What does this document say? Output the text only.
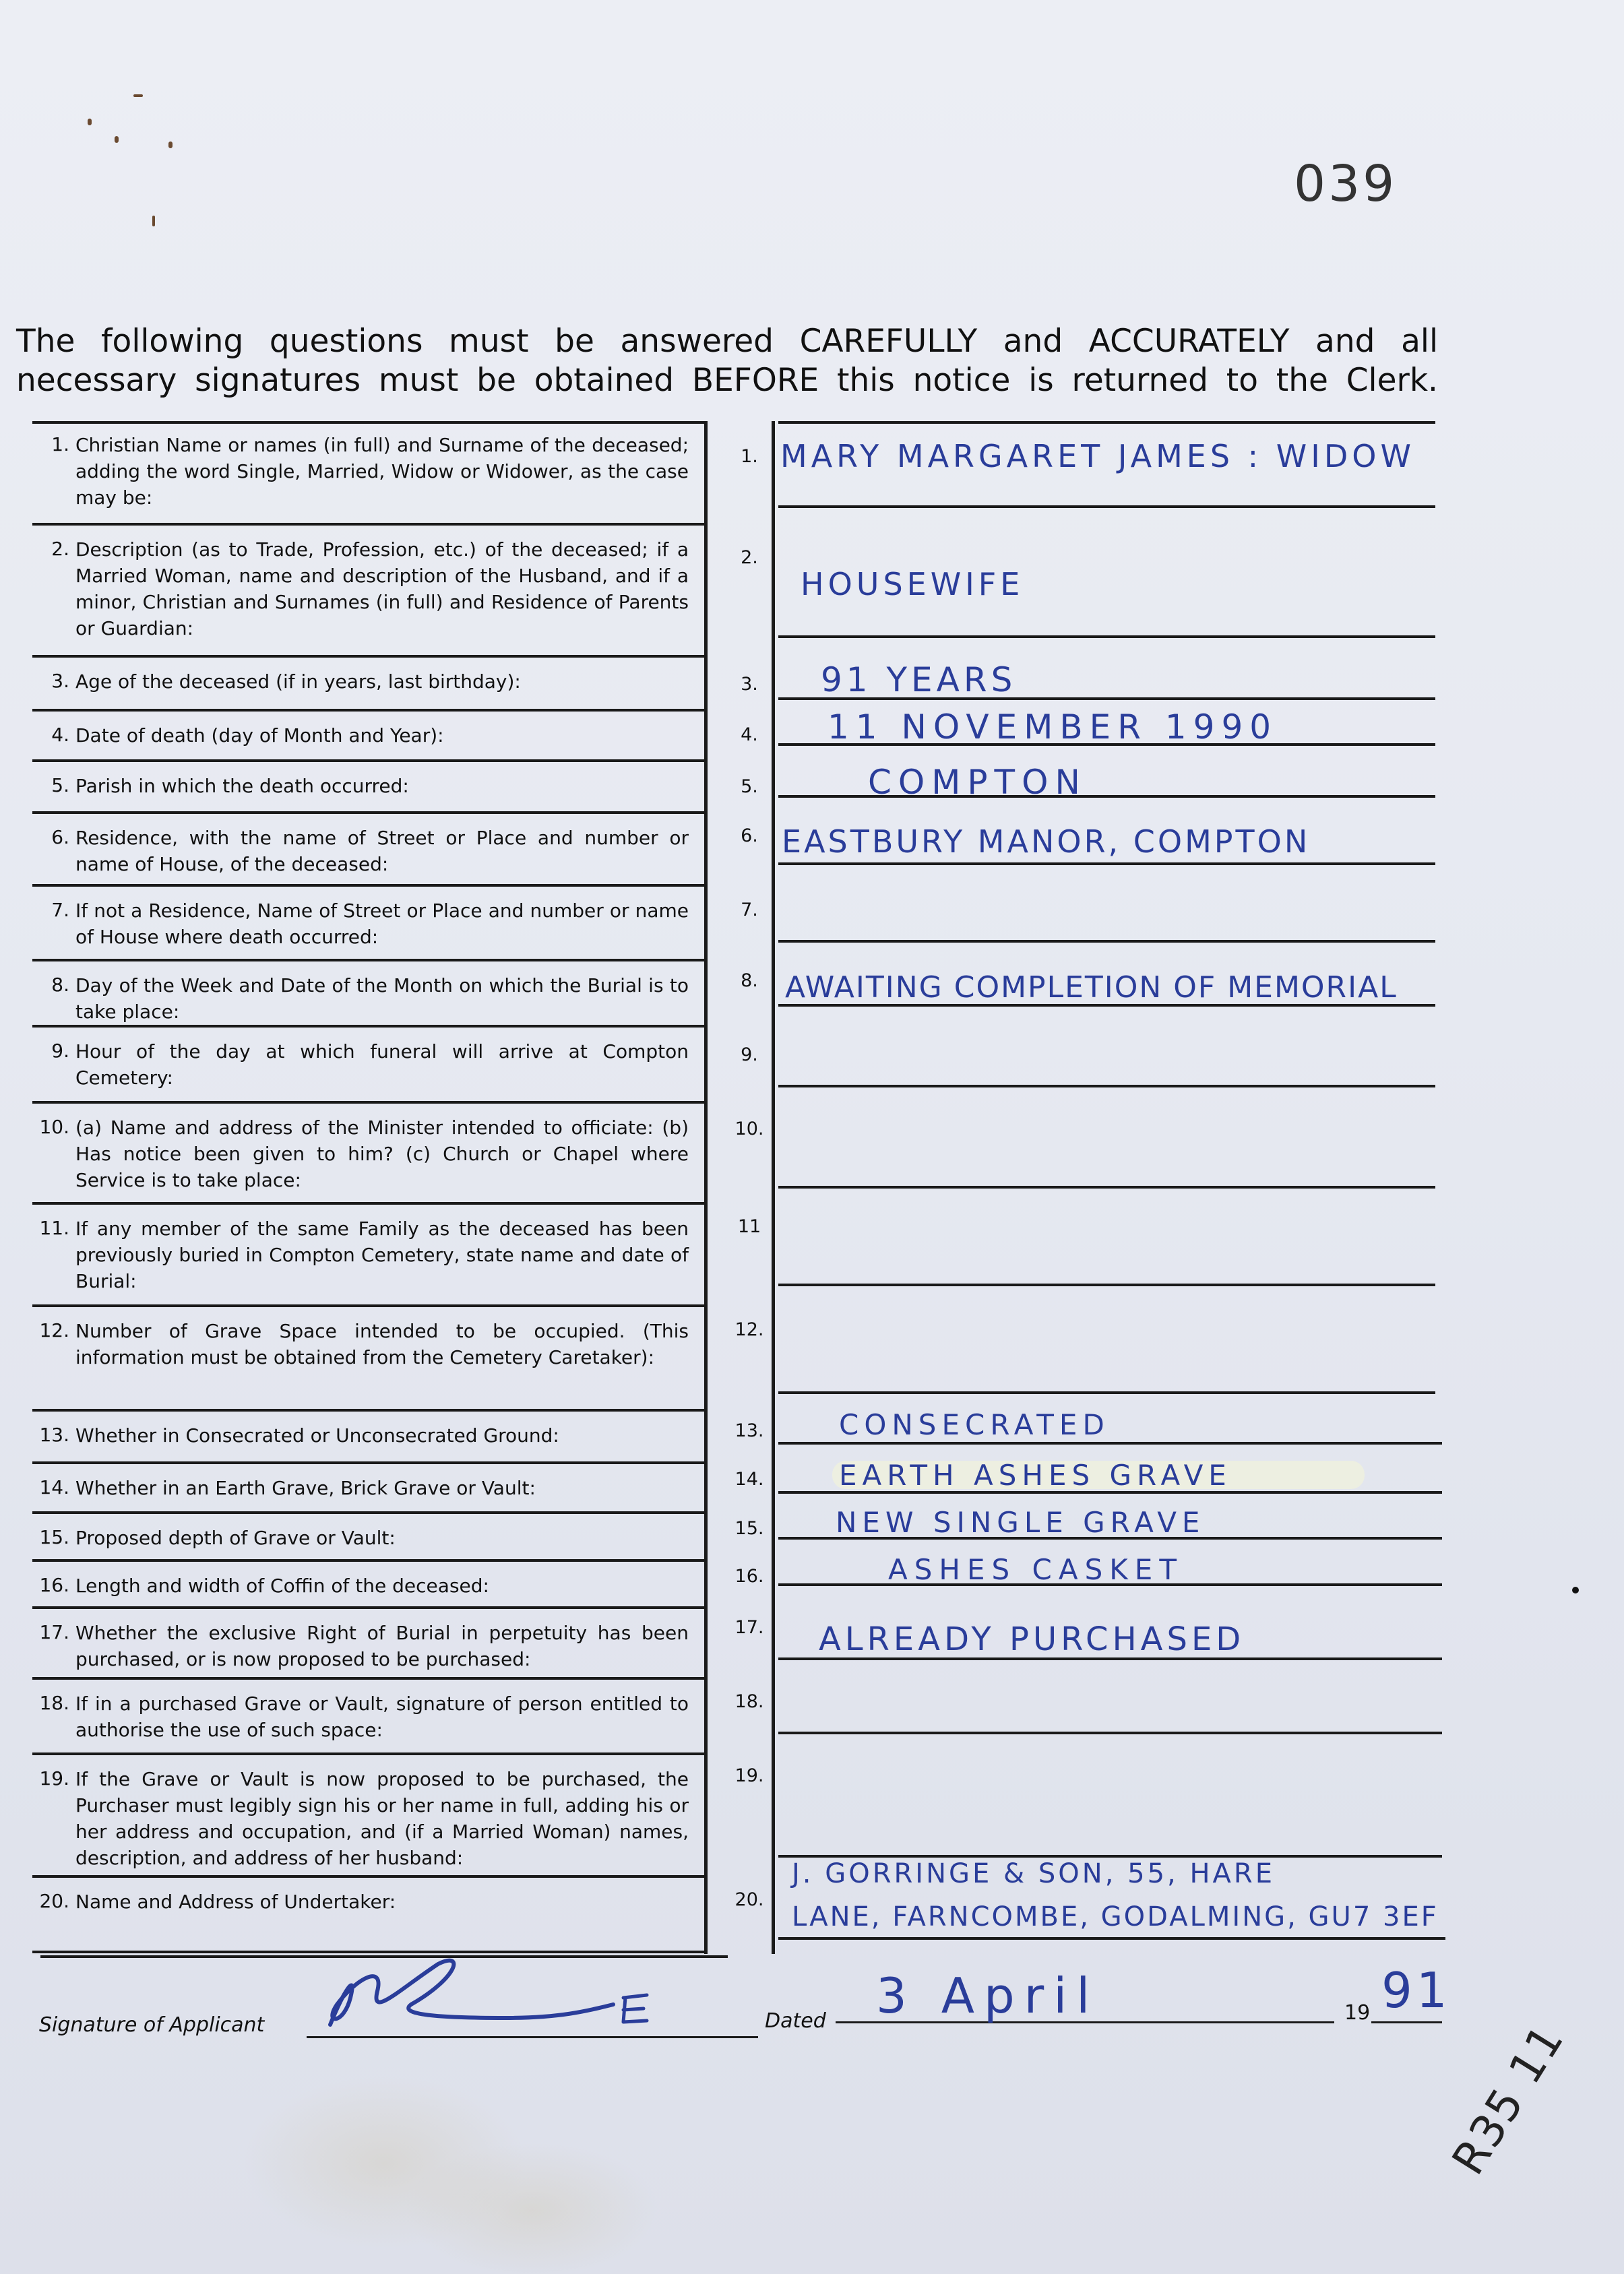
039
The following questions must be answered CAREFULLY and ACCURATELY and all necessary signatures must be obtained BEFORE this notice is returned to the Clerk.
1. Christian Name or names (in full) and Surname of the deceased; adding the word Single, Married, Widow or Widower, as the case may be:
2. Description (as to Trade, Profession, etc.) of the deceased; if a Married Woman, name and description of the Husband, and if a minor, Christian and Surnames (in full) and Residence of Parents or Guardian:
3. Age of the deceased (if in years, last birthday):
4. Date of death (day of Month and Year):
5. Parish in which the death occurred:
6. Residence, with the name of Street or Place and number or name of House, of the deceased:
7. If not a Residence, Name of Street or Place and number or name of House where death occurred:
8. Day of the Week and Date of the Month on which the Burial is to take place:
9. Hour of the day at which funeral will arrive at Compton Cemetery:
10. (a) Name and address of the Minister intended to officiate: (b) Has notice been given to him? (c) Church or Chapel where Service is to take place:
11. If any member of the same Family as the deceased has been previously buried in Compton Cemetery, state name and date of Burial:
12. Number of Grave Space intended to be occupied. (This information must be obtained from the Cemetery Caretaker):
13. Whether in Consecrated or Unconsecrated Ground:
14. Whether in an Earth Grave, Brick Grave or Vault:
15. Proposed depth of Grave or Vault:
16. Length and width of Coffin of the deceased:
17. Whether the exclusive Right of Burial in perpetuity has been purchased, or is now proposed to be purchased:
18. If in a purchased Grave or Vault, signature of person entitled to authorise the use of such space:
19. If the Grave or Vault is now proposed to be purchased, the Purchaser must legibly sign his or her name in full, adding his or her address and occupation, and (if a Married Woman) names, description, and address of her husband:
20. Name and Address of Undertaker:
1.
2.
3.
4.
5.
6.
7.
8.
9.
10.
11
12.
13.
14.
15.
16.
17.
18.
19.
20.
MARY MARGARET JAMES : WIDOW
HOUSEWIFE
91 YEARS
11 NOVEMBER 1990
COMPTON
EASTBURY MANOR, COMPTON
AWAITING COMPLETION OF MEMORIAL
CONSECRATED
EARTH ASHES GRAVE
NEW SINGLE GRAVE
ASHES CASKET
ALREADY PURCHASED
J. GORRINGE & SON, 55, HARE
LANE, FARNCOMBE, GODALMING, GU7 3EF
Signature of Applicant	Dated 3 April	19 91
R35 11
